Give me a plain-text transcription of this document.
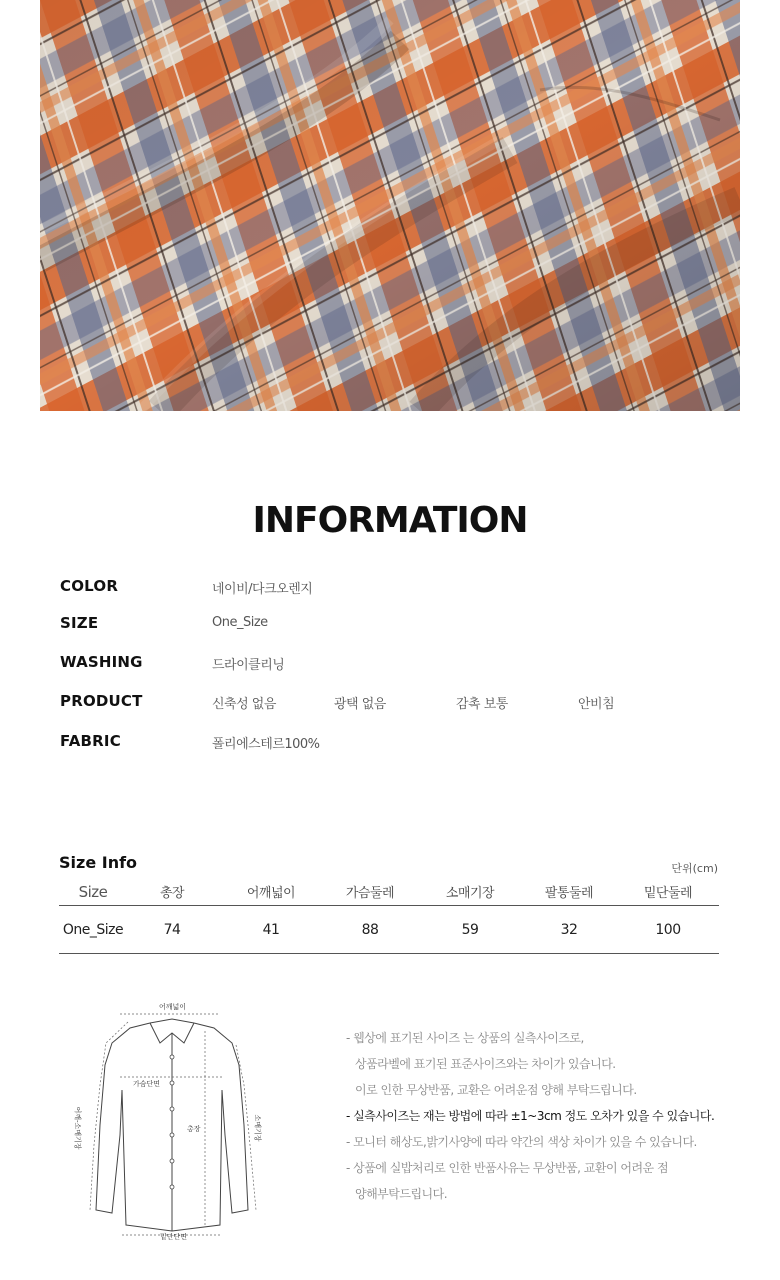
INFORMATION
COLOR	네이비/다크오렌지
SIZE	One_Size
WASHING	드라이클리닝
PRODUCT	신축성 없음	광택 없음	감촉 보통	안비침
FABRIC	폴리에스테르100%
Size Info	단위(cm)
Size	총장	어깨넓이	가슴둘레	소매기장	팔통둘레	밑단둘레
One_Size	74	41	88	59	32	100
어깨넓이
가슴단면
총장
어깨-소매기장	소매기장
밑단단면
- 웹상에 표기된 사이즈 는 상품의 실측사이즈로,
상품라벨에 표기된 표준사이즈와는 차이가 있습니다.
이로 인한 무상반품, 교환은 어려운점 양해 부탁드립니다.
- 실측사이즈는 재는 방법에 따라 ±1~3cm 정도 오차가 있을 수 있습니다.
- 모니터 해상도,밝기사양에 따라 약간의 색상 차이가 있을 수 있습니다.
- 상품에 실밥처리로 인한 반품사유는 무상반품, 교환이 어려운 점
양해부탁드립니다.
